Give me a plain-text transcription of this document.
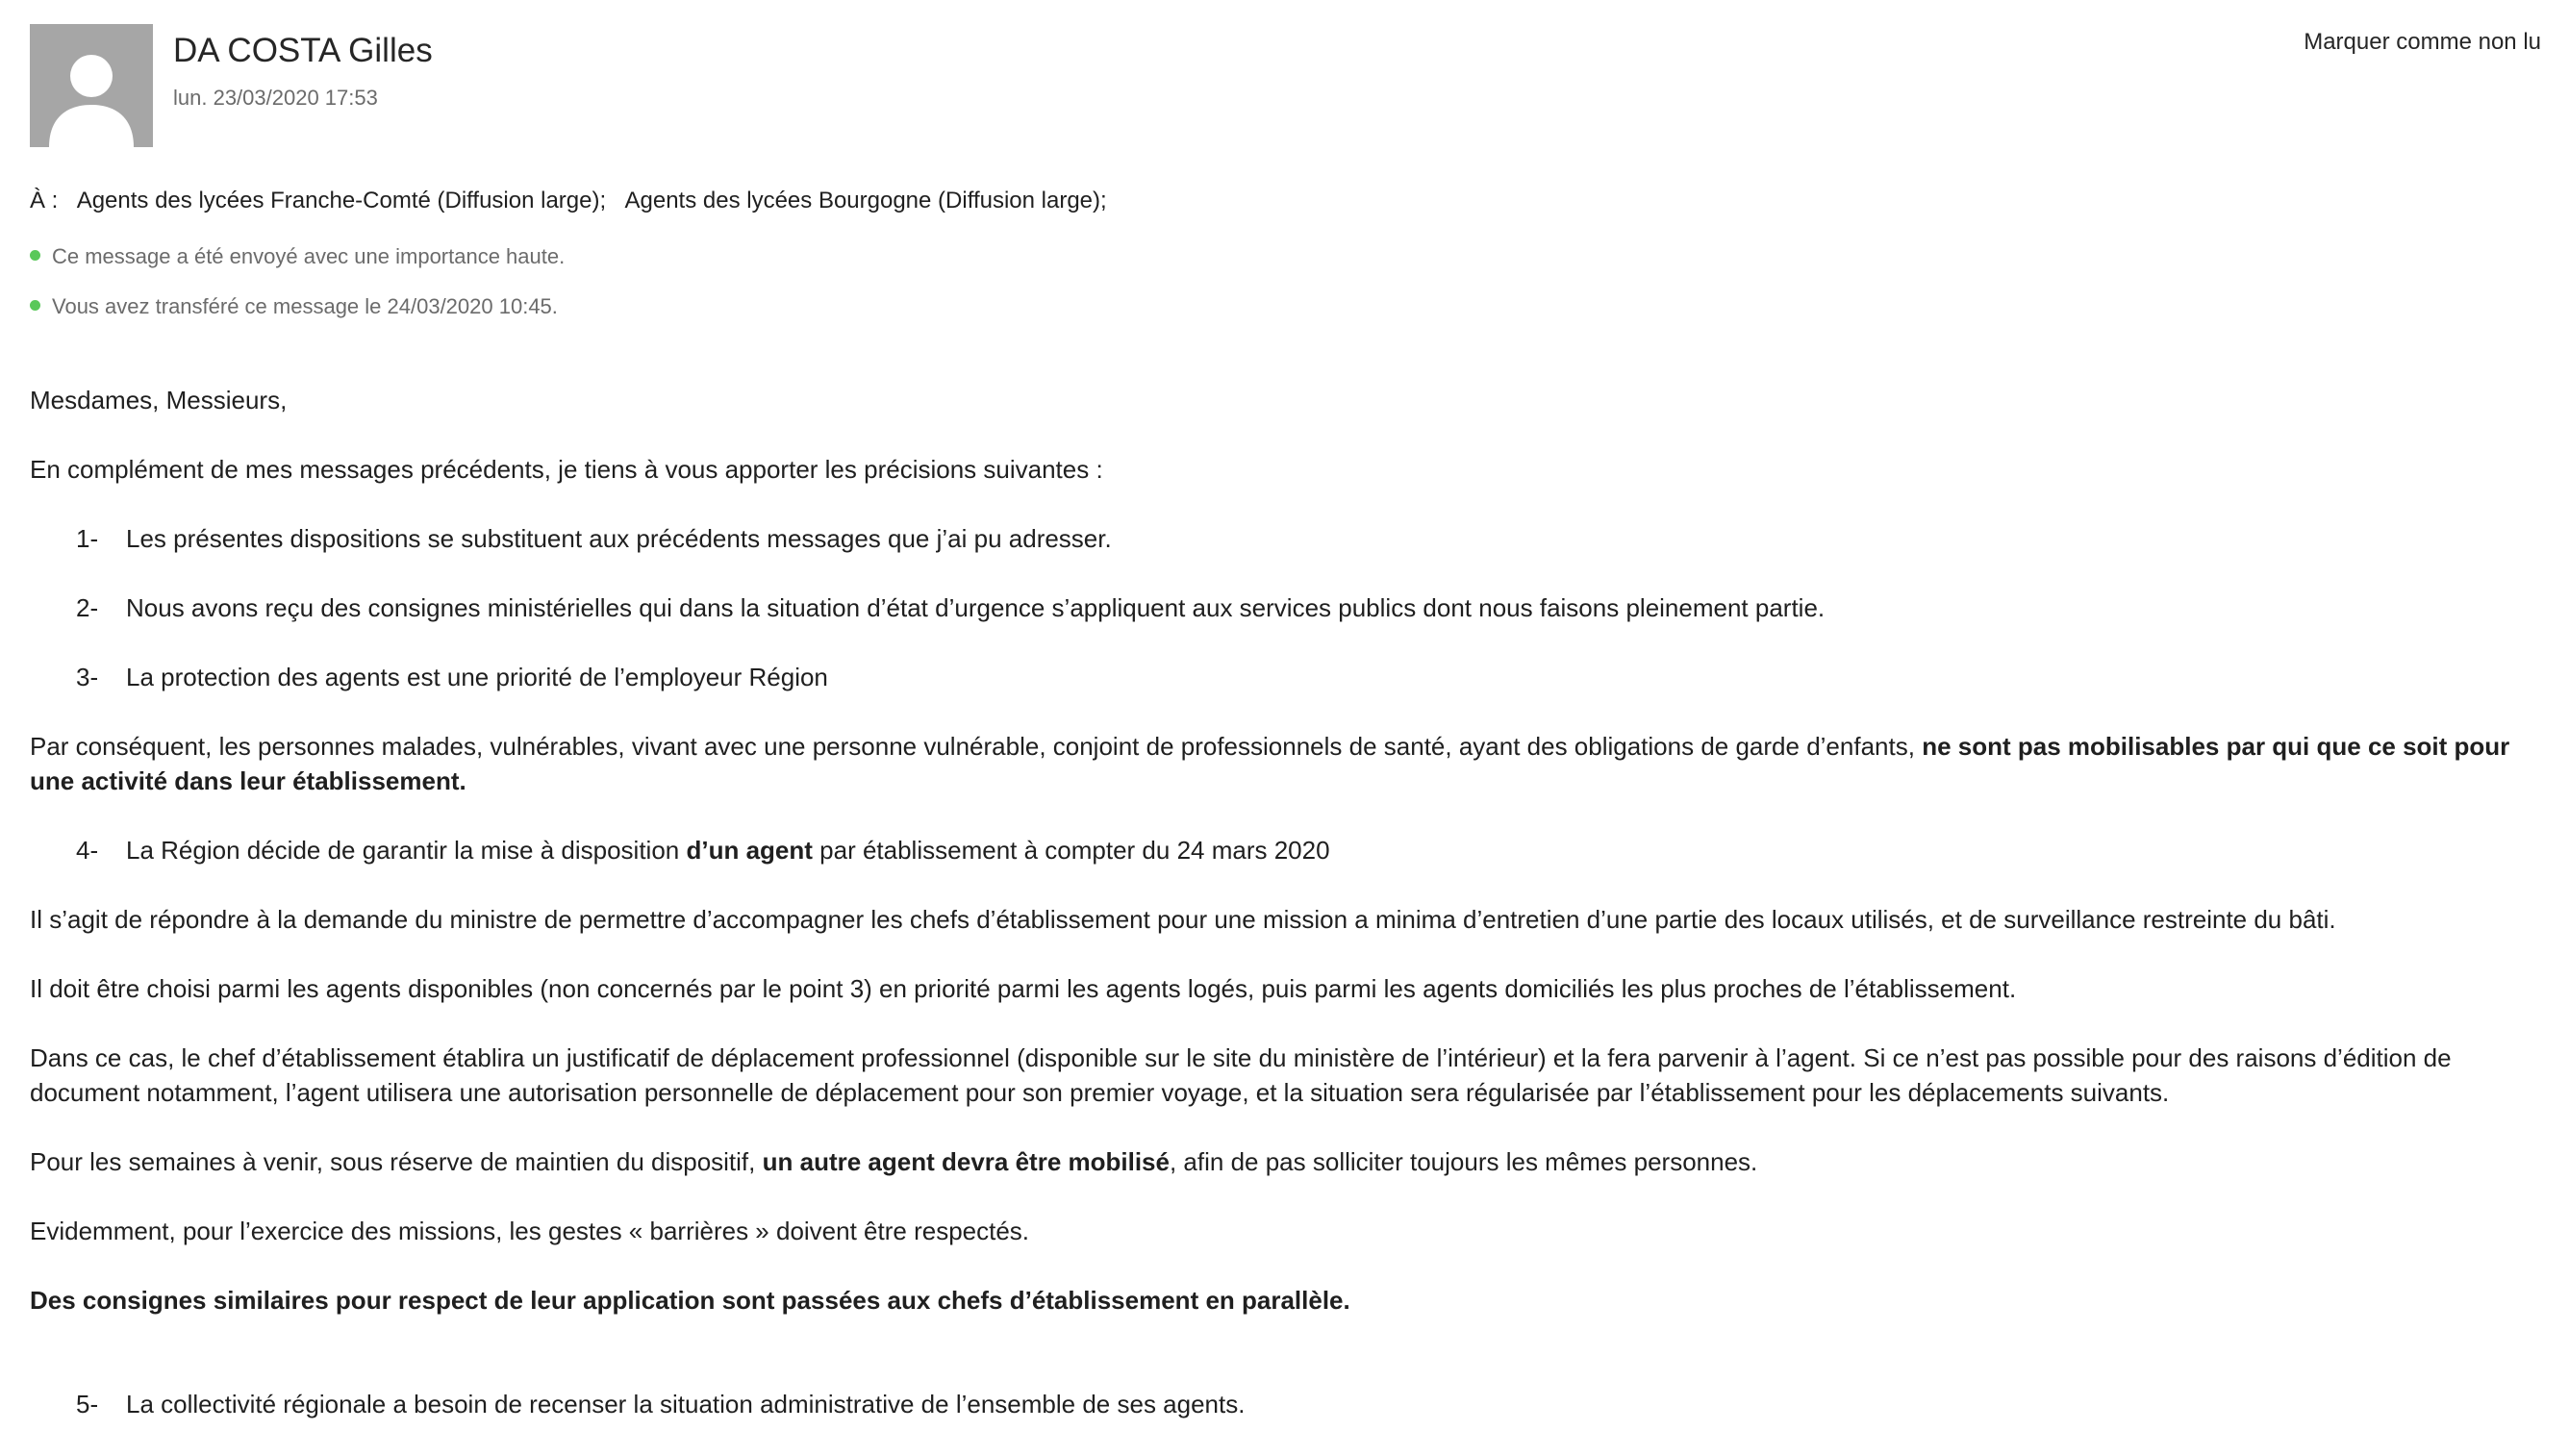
DA COSTA Gilles
lun. 23/03/2020 17:53
Marquer comme non lu
À : Agents des lycées Franche-Comté (Diffusion large); Agents des lycées Bourgogne (Diffusion large);
Ce message a été envoyé avec une importance haute.
Vous avez transféré ce message le 24/03/2020 10:45.

Mesdames, Messieurs,

En complément de mes messages précédents, je tiens à vous apporter les précisions suivantes :

1- Les présentes dispositions se substituent aux précédents messages que j’ai pu adresser.
2- Nous avons reçu des consignes ministérielles qui dans la situation d’état d’urgence s’appliquent aux services publics dont nous faisons pleinement partie.
3- La protection des agents est une priorité de l’employeur Région

Par conséquent, les personnes malades, vulnérables, vivant avec une personne vulnérable, conjoint de professionnels de santé, ayant des obligations de garde d’enfants, ne sont pas mobilisables par qui que ce soit pour une activité dans leur établissement.

4- La Région décide de garantir la mise à disposition d’un agent par établissement à compter du 24 mars 2020

Il s’agit de répondre à la demande du ministre de permettre d’accompagner les chefs d’établissement pour une mission a minima d’entretien d’une partie des locaux utilisés, et de surveillance restreinte du bâti.

Il doit être choisi parmi les agents disponibles (non concernés par le point 3) en priorité parmi les agents logés, puis parmi les agents domiciliés les plus proches de l’établissement.

Dans ce cas, le chef d’établissement établira un justificatif de déplacement professionnel (disponible sur le site du ministère de l’intérieur) et la fera parvenir à l’agent. Si ce n’est pas possible pour des raisons d’édition de document notamment, l’agent utilisera une autorisation personnelle de déplacement pour son premier voyage, et la situation sera régularisée par l’établissement pour les déplacements suivants.

Pour les semaines à venir, sous réserve de maintien du dispositif, un autre agent devra être mobilisé, afin de pas solliciter toujours les mêmes personnes.

Evidemment, pour l’exercice des missions, les gestes « barrières » doivent être respectés.

Des consignes similaires pour respect de leur application sont passées aux chefs d’établissement en parallèle.

5- La collectivité régionale a besoin de recenser la situation administrative de l’ensemble de ses agents.
